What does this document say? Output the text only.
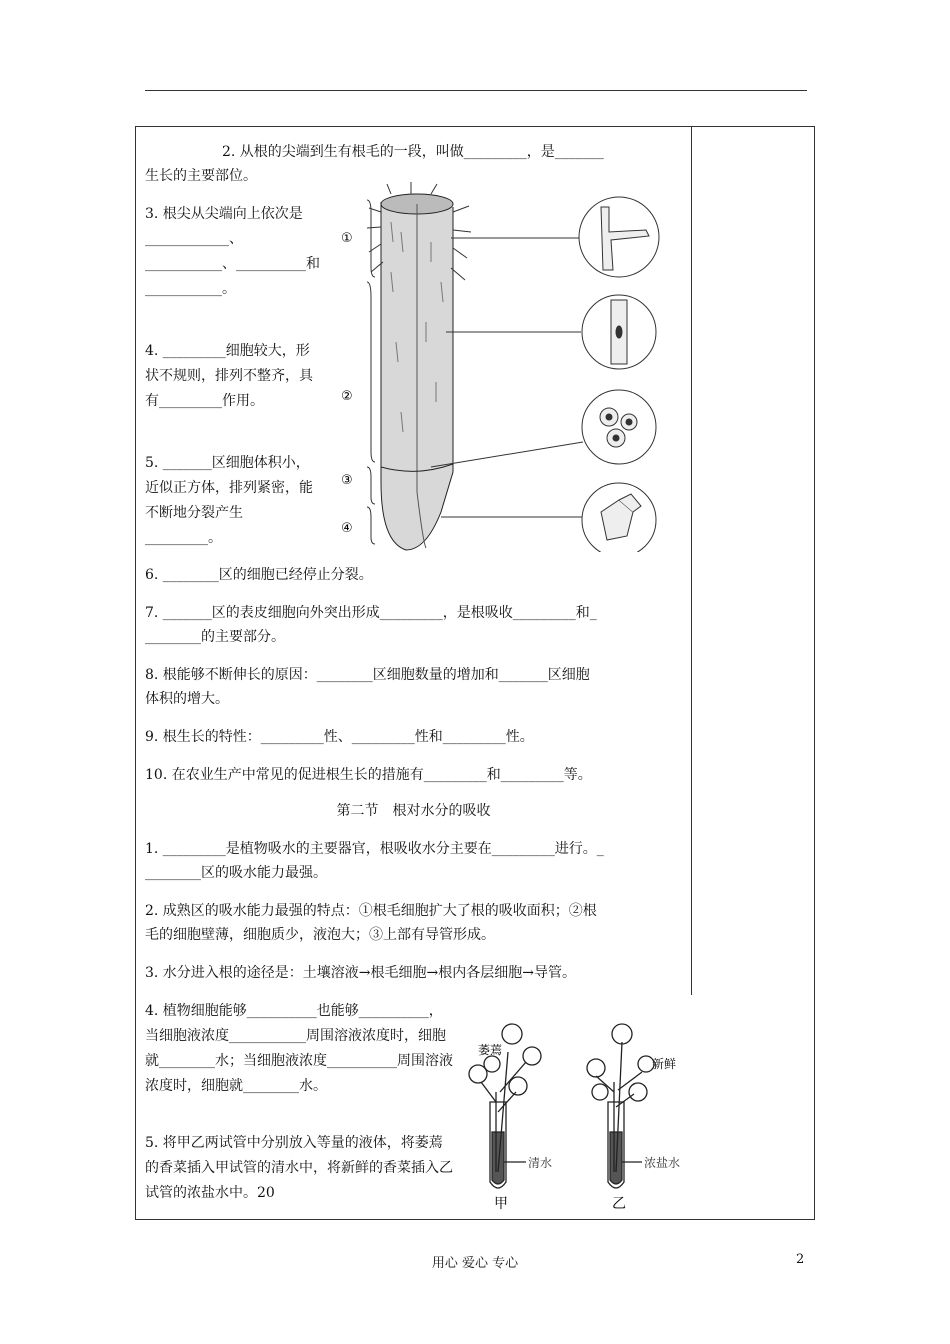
2. 从根的尖端到生有根毛的一段，叫做_________，是_______
生长的主要部位。
3. 根尖从尖端向上依次是____________、___________、__________和___________。
4. _________细胞较大，形状不规则，排列不整齐，具有_________作用。
5. _______区细胞体积小，近似正方体，排列紧密，能不断地分裂产生_________。
①
②
③
④
6. ________区的细胞已经停止分裂。
7. _______区的表皮细胞向外突出形成_________，是根吸收_________和_
________的主要部分。
8. 根能够不断伸长的原因：________区细胞数量的增加和_______区细胞
体积的增大。
9. 根生长的特性：_________性、_________性和_________性。
10. 在农业生产中常见的促进根生长的措施有_________和_________等。
第二节　根对水分的吸收
1. _________是植物吸水的主要器官，根吸收水分主要在_________进行。_
________区的吸水能力最强。
2. 成熟区的吸水能力最强的特点：①根毛细胞扩大了根的吸收面积；②根
毛的细胞壁薄，细胞质少，液泡大；③上部有导管形成。
3. 水分进入根的途径是：土壤溶液→根毛细胞→根内各层细胞→导管。
4. 植物细胞能够__________也能够__________，当细胞液浓度___________周围溶液浓度时，细胞就________水；当细胞液浓度__________周围溶液浓度时，细胞就________水。
5. 将甲乙两试管中分别放入等量的液体，将萎蔫的香菜插入甲试管的清水中，将新鲜的香菜插入乙试管的浓盐水中。20
萎蔫
新鲜
清水	浓盐水
甲	乙
用心 爱心 专心	2
